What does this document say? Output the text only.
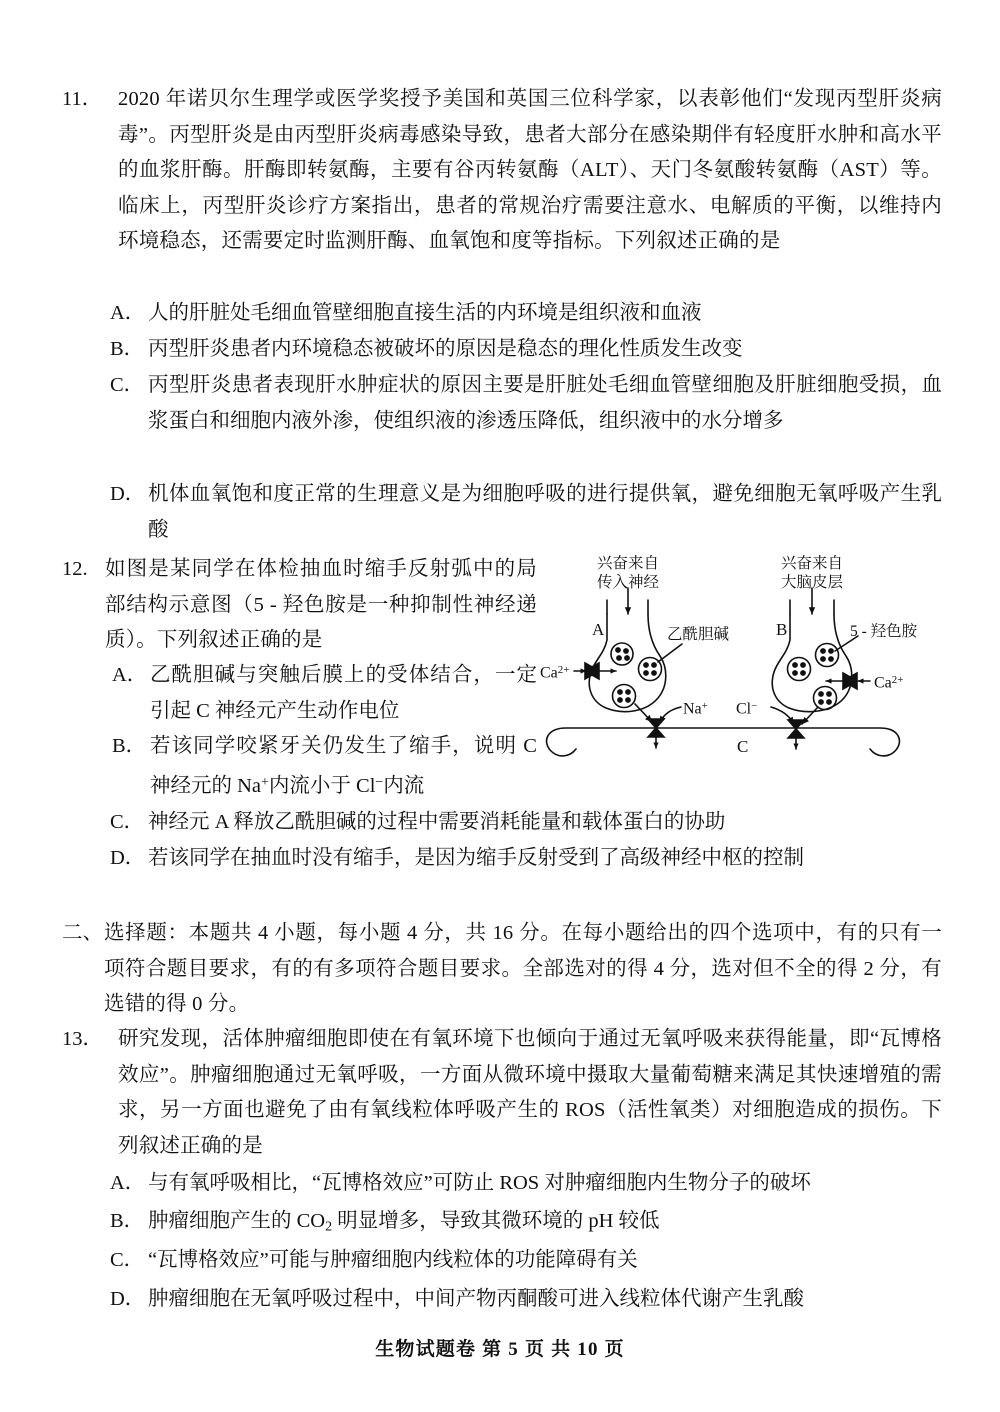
11． 2020 年诺贝尔生理学或医学奖授予美国和英国三位科学家，以表彰他们“发现丙型肝炎病毒”。丙型肝炎是由丙型肝炎病毒感染导致，患者大部分在感染期伴有轻度肝水肿和高水平的血浆肝酶。肝酶即转氨酶，主要有谷丙转氨酶（ALT）、天门冬氨酸转氨酶（AST）等。临床上，丙型肝炎诊疗方案指出，患者的常规治疗需要注意水、电解质的平衡，以维持内环境稳态，还需要定时监测肝酶、血氧饱和度等指标。下列叙述正确的是
A． 人的肝脏处毛细血管壁细胞直接生活的内环境是组织液和血液
B． 丙型肝炎患者内环境稳态被破坏的原因是稳态的理化性质发生改变
C． 丙型肝炎患者表现肝水肿症状的原因主要是肝脏处毛细血管壁细胞及肝脏细胞受损，血浆蛋白和细胞内液外渗，使组织液的渗透压降低，组织液中的水分增多
D． 机体血氧饱和度正常的生理意义是为细胞呼吸的进行提供氧，避免细胞无氧呼吸产生乳酸
12. 如图是某同学在体检抽血时缩手反射弧中的局部结构示意图（5 - 羟色胺是一种抑制性神经递质）。下列叙述正确的是
A． 乙酰胆碱与突触后膜上的受体结合，一定引起 C 神经元产生动作电位
B． 若该同学咬紧牙关仍发生了缩手，说明 C 神经元的 Na+内流小于 Cl−内流
C． 神经元 A 释放乙酰胆碱的过程中需要消耗能量和载体蛋白的协助
D． 若该同学在抽血时没有缩手，是因为缩手反射受到了高级神经中枢的控制
兴奋来自
传入神经
兴奋来自
大脑皮层
A	B
C
乙酰胆碱	5 - 羟色胺
$Ca^{2+}$
$Ca^{2+}$
Na+ Cl−
二、 选择题：本题共 4 小题，每小题 4 分，共 16 分。在每小题给出的四个选项中，有的只有一项符合题目要求，有的有多项符合题目要求。全部选对的得 4 分，选对但不全的得 2 分，有选错的得 0 分。
13． 研究发现，活体肿瘤细胞即使在有氧环境下也倾向于通过无氧呼吸来获得能量，即“瓦博格效应”。肿瘤细胞通过无氧呼吸，一方面从微环境中摄取大量葡萄糖来满足其快速增殖的需求，另一方面也避免了由有氧线粒体呼吸产生的 ROS（活性氧类）对细胞造成的损伤。下列叙述正确的是
A． 与有氧呼吸相比，“瓦博格效应”可防止 ROS 对肿瘤细胞内生物分子的破坏
B． 肿瘤细胞产生的 $CO_2$ 明显增多，导致其微环境的 pH 较低
C． “瓦博格效应”可能与肿瘤细胞内线粒体的功能障碍有关
D． 肿瘤细胞在无氧呼吸过程中，中间产物丙酮酸可进入线粒体代谢产生乳酸
生物试题卷 第 5 页 共 10 页
